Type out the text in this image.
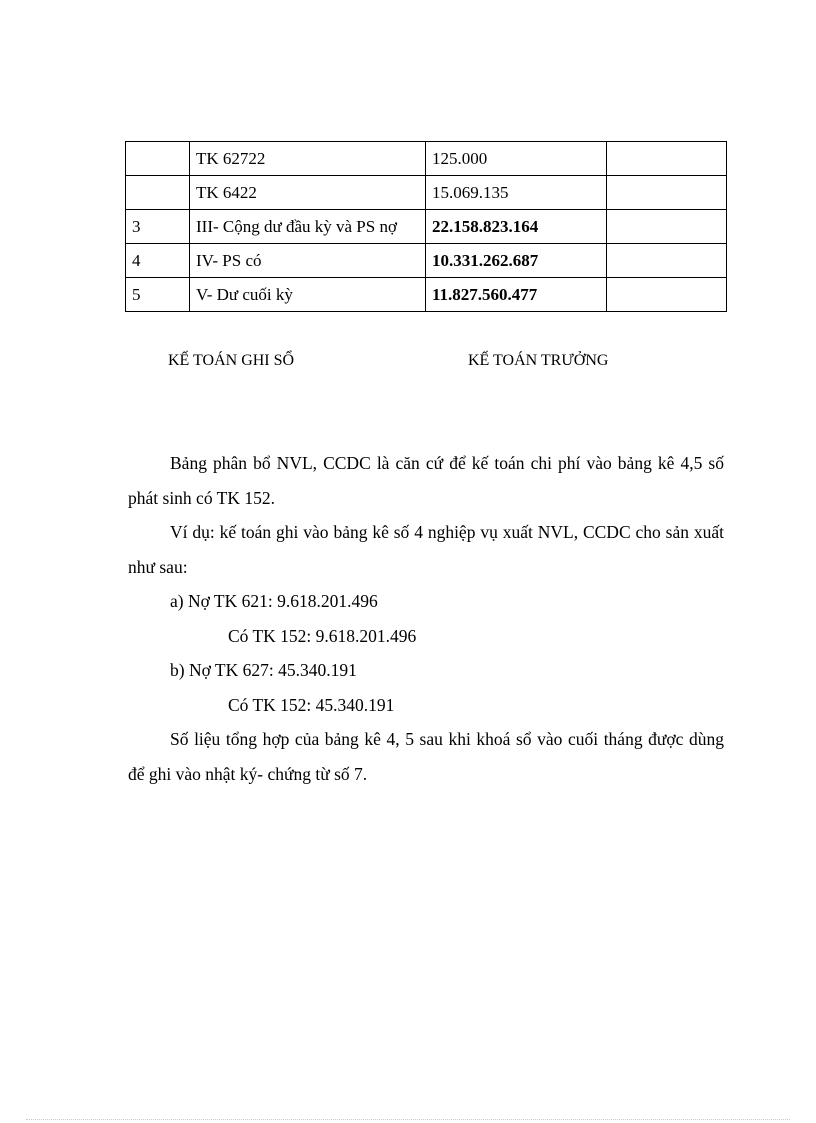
	TK 62722	125.000	
	TK 6422	15.069.135	
3	III- Cộng dư đầu kỳ và PS nợ	22.158.823.164	
4	IV- PS có	10.331.262.687	
5	V- Dư cuối kỳ	11.827.560.477	
KẾ TOÁN GHI SỔ	KẾ TOÁN TRƯỞNG

Bảng phân bổ NVL, CCDC là căn cứ để kế toán chi phí vào bảng kê 4,5 số phát sinh có TK 152.

Ví dụ: kế toán ghi vào bảng kê số 4 nghiệp vụ xuất NVL, CCDC cho sản xuất như sau:

a) Nợ TK 621: 9.618.201.496

Có TK 152: 9.618.201.496

b) Nợ TK 627: 45.340.191

Có TK 152: 45.340.191

Số liệu tổng hợp của bảng kê 4, 5 sau khi khoá sổ vào cuối tháng được dùng để ghi vào nhật ký- chứng từ số 7.
